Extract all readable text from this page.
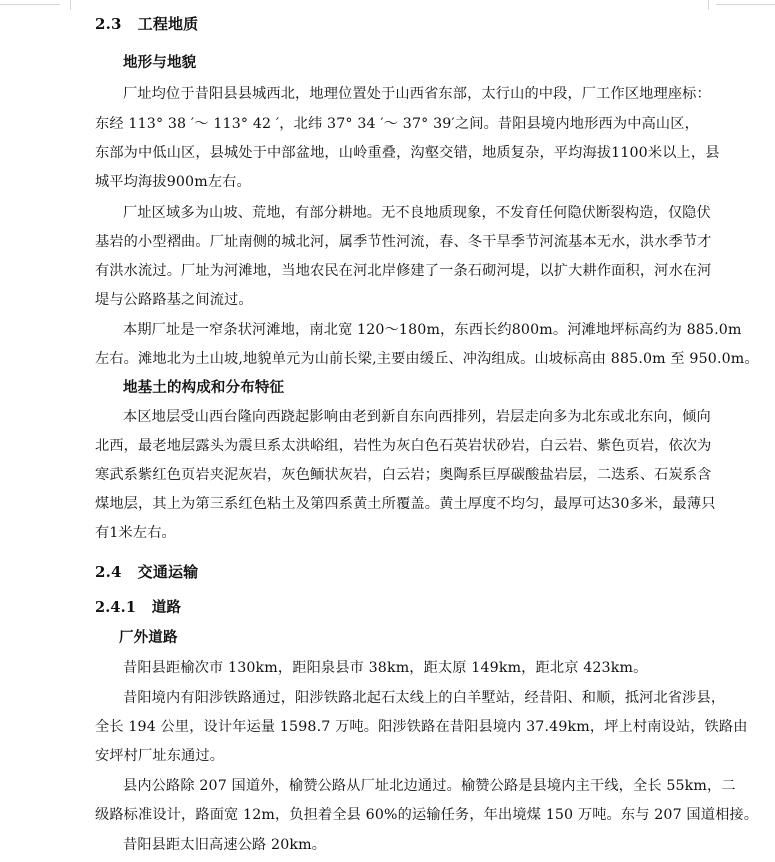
2.3 工程地质
地形与地貌
厂址均位于昔阳县县城西北，地理位置处于山西省东部，太行山的中段，厂工作区地理座标：
东经 113° 38 ′～ 113° 42 ′，北纬 37° 34 ′～ 37° 39′之间。昔阳县境内地形西为中高山区，
东部为中低山区，县城处于中部盆地，山岭重叠，沟壑交错，地质复杂，平均海拔1100米以上，县
城平均海拔900m左右。
厂址区域多为山坡、荒地，有部分耕地。无不良地质现象，不发育任何隐伏断裂构造，仅隐伏
基岩的小型褶曲。厂址南侧的城北河，属季节性河流，春、冬干旱季节河流基本无水，洪水季节才
有洪水流过。厂址为河滩地，当地农民在河北岸修建了一条石砌河堤，以扩大耕作面积，河水在河
堤与公路路基之间流过。
本期厂址是一窄条状河滩地，南北宽 120～180m，东西长约800m。河滩地坪标高约为 885.0m
左右。滩地北为土山坡,地貌单元为山前长梁,主要由缓丘、冲沟组成。山坡标高由 885.0m 至 950.0m。
地基土的构成和分布特征
本区地层受山西台隆向西跷起影响由老到新自东向西排列，岩层走向多为北东或北东向，倾向
北西，最老地层露头为震旦系太洪峪组，岩性为灰白色石英岩状砂岩，白云岩、紫色页岩，依次为
寒武系紫红色页岩夹泥灰岩，灰色鲕状灰岩，白云岩；奥陶系巨厚碳酸盐岩层，二迭系、石炭系含
煤地层，其上为第三系红色粘土及第四系黄土所覆盖。黄土厚度不均匀，最厚可达30多米，最薄只
有1米左右。
2.4 交通运输
2.4.1 道路
厂外道路
昔阳县距榆次市 130km，距阳泉县市 38km，距太原 149km，距北京 423km。
昔阳境内有阳涉铁路通过，阳涉铁路北起石太线上的白羊墅站，经昔阳、和顺，抵河北省涉县，
全长 194 公里，设计年运量 1598.7 万吨。阳涉铁路在昔阳县境内 37.49km，坪上村南设站，铁路由
安坪村厂址东通过。
县内公路除 207 国道外，榆赞公路从厂址北边通过。榆赞公路是县境内主干线，全长 55km，二
级路标准设计，路面宽 12m，负担着全县 60%的运输任务，年出境煤 150 万吨。东与 207 国道相接。
昔阳县距太旧高速公路 20km。
